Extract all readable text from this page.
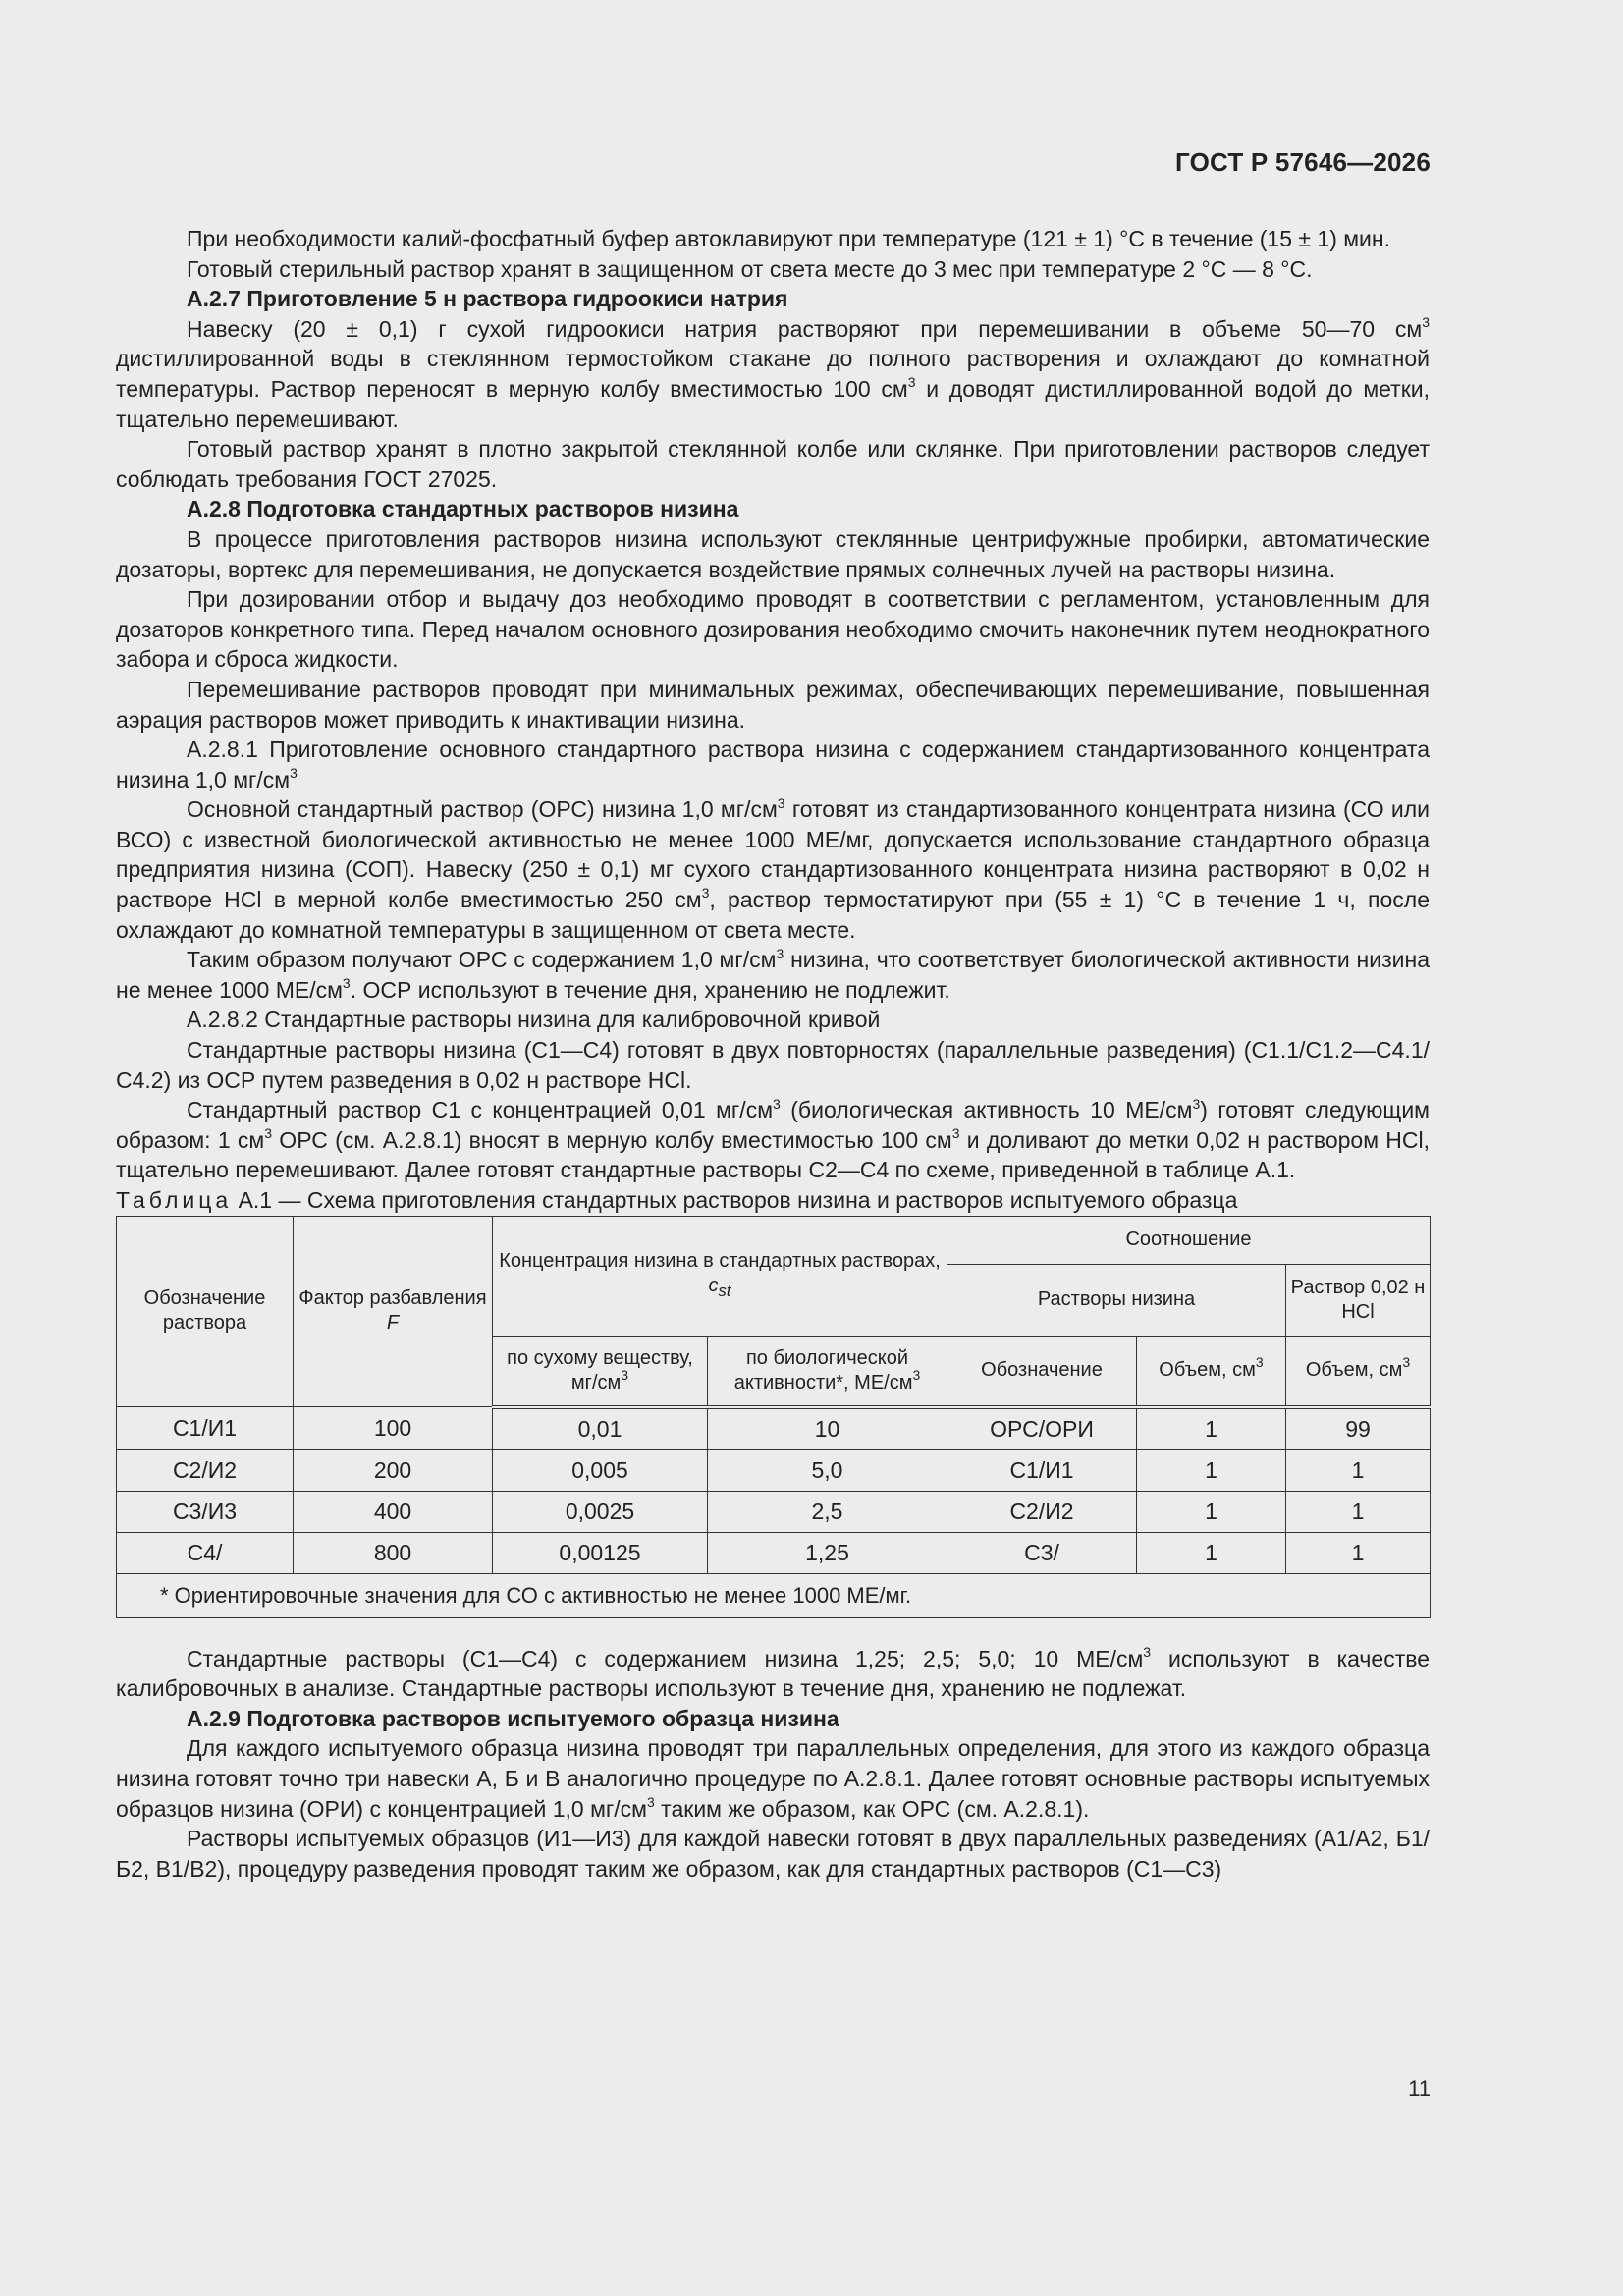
ГОСТ Р 57646—2026

При необходимости калий-фосфатный буфер автоклавируют при температуре (121 ± 1) °С в течение (15 ± 1) мин.

Готовый стерильный раствор хранят в защищенном от света месте до 3 мес при температуре 2 °С — 8 °С.

А.2.7 Приготовление 5 н раствора гидроокиси натрия

Навеску (20 ± 0,1) г сухой гидроокиси натрия растворяют при перемешивании в объеме 50—70 $см^3$ дистиллированной воды в стеклянном термостойком стакане до полного растворения и охлаждают до комнатной температуры. Раствор переносят в мерную колбу вместимостью 100 $см^3$ и доводят дистиллированной водой до метки, тщательно перемешивают.

Готовый раствор хранят в плотно закрытой стеклянной колбе или склянке. При приготовлении растворов следует соблюдать требования ГОСТ 27025.

А.2.8 Подготовка стандартных растворов низина

В процессе приготовления растворов низина используют стеклянные центрифужные пробирки, автоматические дозаторы, вортекс для перемешивания, не допускается воздействие прямых солнечных лучей на растворы низина.

При дозировании отбор и выдачу доз необходимо проводят в соответствии с регламентом, установленным для дозаторов конкретного типа. Перед началом основного дозирования необходимо смочить наконечник путем неоднократного забора и сброса жидкости.

Перемешивание растворов проводят при минимальных режимах, обеспечивающих перемешивание, повышенная аэрация растворов может приводить к инактивации низина.

А.2.8.1 Приготовление основного стандартного раствора низина с содержанием стандартизованного концентрата низина 1,0 $мг/см^3$

Основной стандартный раствор (ОРС) низина 1,0 $мг/см^3$ готовят из стандартизованного концентрата низина (СО или ВСО) с известной биологической активностью не менее 1000 МЕ/мг, допускается использование стандартного образца предприятия низина (СОП). Навеску (250 ± 0,1) мг сухого стандартизованного концентрата низина растворяют в 0,02 н растворе HCl в мерной колбе вместимостью 250 $см^3$, раствор термостатируют при (55 ± 1) °С в течение 1 ч, после охлаждают до комнатной температуры в защищенном от света месте.

Таким образом получают ОРС с содержанием 1,0 $мг/см^3$ низина, что соответствует биологической активности низина не менее 1000 $МЕ/см^3$. ОСР используют в течение дня, хранению не подлежит.

А.2.8.2 Стандартные растворы низина для калибровочной кривой

Стандартные растворы низина (С1—С4) готовят в двух повторностях (параллельные разведения) (С1.1/С1.2—С4.1/С4.2) из ОСР путем разведения в 0,02 н растворе HCl.

Стандартный раствор С1 с концентрацией 0,01 $мг/см^3$ (биологическая активность 10 $МЕ/см^3$) готовят следующим образом: 1 $см^3$ ОРС (см. А.2.8.1) вносят в мерную колбу вместимостью 100 $см^3$ и доливают до метки 0,02 н раствором HCl, тщательно перемешивают. Далее готовят стандартные растворы С2—С4 по схеме, приведенной в таблице А.1.

Таблица А.1 — Схема приготовления стандартных растворов низина и растворов испытуемого образца

Обозначение раствора	Фактор разбавления F	Концентрация низина в стандартных растворах, $c_{st}$		Соотношение		
				Растворы низина		Раствор 0,02 н HCl
		по сухому веществу, $мг/см^3$	по биологической активности*, $МЕ/см^3$	Обозначение	Объем, $см^3$	Объем, $см^3$
С1/И1	100	0,01	10	ОРС/ОРИ	1	99
С2/И2	200	0,005	5,0	С1/И1	1	1
С3/И3	400	0,0025	2,5	С2/И2	1	1
С4/	800	0,00125	1,25	С3/	1	1
* Ориентировочные значения для СО с активностью не менее 1000 МЕ/мг.						

Стандартные растворы (С1—С4) с содержанием низина 1,25; 2,5; 5,0; 10 $МЕ/см^3$ используют в качестве калибровочных в анализе. Стандартные растворы используют в течение дня, хранению не подлежат.

А.2.9 Подготовка растворов испытуемого образца низина

Для каждого испытуемого образца низина проводят три параллельных определения, для этого из каждого образца низина готовят точно три навески А, Б и В аналогично процедуре по А.2.8.1. Далее готовят основные растворы испытуемых образцов низина (ОРИ) с концентрацией 1,0 $мг/см^3$ таким же образом, как ОРС (см. А.2.8.1).

Растворы испытуемых образцов (И1—И3) для каждой навески готовят в двух параллельных разведениях (А1/А2, Б1/Б2, В1/В2), процедуру разведения проводят таким же образом, как для стандартных растворов (С1—С3)

11
